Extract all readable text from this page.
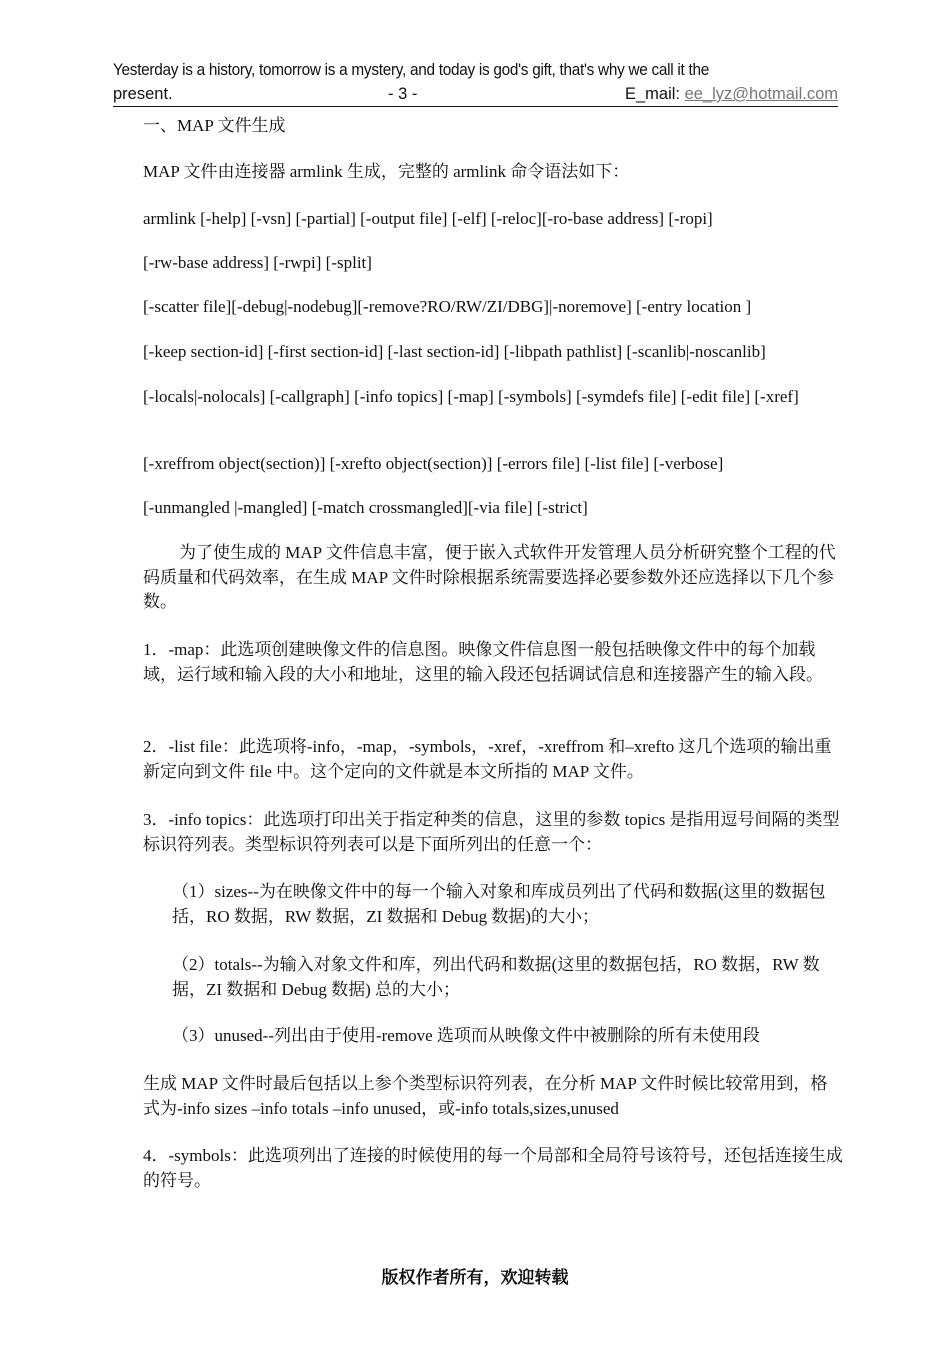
Yesterday is a history, tomorrow is a mystery, and today is god's gift, that's why we call it the
present.	- 3 -	E_mail: ee_lyz@hotmail.com

一、MAP 文件生成

MAP 文件由连接器 armlink 生成，完整的 armlink 命令语法如下：

armlink [-help] [-vsn] [-partial] [-output file] [-elf] [-reloc][-ro-base address] [-ropi]

[-rw-base address] [-rwpi] [-split]

[-scatter file][-debug|-nodebug][-remove?RO/RW/ZI/DBG]|-noremove] [-entry location ]

[-keep section-id] [-first section-id] [-last section-id] [-libpath pathlist] [-scanlib|-noscanlib]

[-locals|-nolocals] [-callgraph] [-info topics] [-map] [-symbols] [-symdefs file] [-edit file] [-xref]

[-xreffrom object(section)] [-xrefto object(section)] [-errors file] [-list file] [-verbose]

[-unmangled |-mangled] [-match crossmangled][-via file] [-strict]

为了使生成的 MAP 文件信息丰富，便于嵌入式软件开发管理人员分析研究整个工程的代码质量和代码效率，在生成 MAP 文件时除根据系统需要选择必要参数外还应选择以下几个参数。

1．-map：此选项创建映像文件的信息图。映像文件信息图一般包括映像文件中的每个加载域，运行域和输入段的大小和地址，这里的输入段还包括调试信息和连接器产生的输入段。

2．-list file：此选项将-info，-map，-symbols，-xref，-xreffrom 和–xrefto 这几个选项的输出重新定向到文件 file 中。这个定向的文件就是本文所指的 MAP 文件。

3．-info topics：此选项打印出关于指定种类的信息，这里的参数 topics 是指用逗号间隔的类型标识符列表。类型标识符列表可以是下面所列出的任意一个：

（1）sizes--为在映像文件中的每一个输入对象和库成员列出了代码和数据(这里的数据包括，RO 数据，RW 数据，ZI 数据和 Debug 数据)的大小；

（2）totals--为输入对象文件和库，列出代码和数据(这里的数据包括，RO 数据，RW 数据，ZI 数据和 Debug 数据) 总的大小；

（3）unused--列出由于使用-remove 选项而从映像文件中被删除的所有未使用段

生成 MAP 文件时最后包括以上参个类型标识符列表，在分析 MAP 文件时候比较常用到，格式为-info sizes –info totals –info unused，或-info totals,sizes,unused

4．-symbols：此选项列出了连接的时候使用的每一个局部和全局符号该符号，还包括连接生成的符号。

版权作者所有，欢迎转载
